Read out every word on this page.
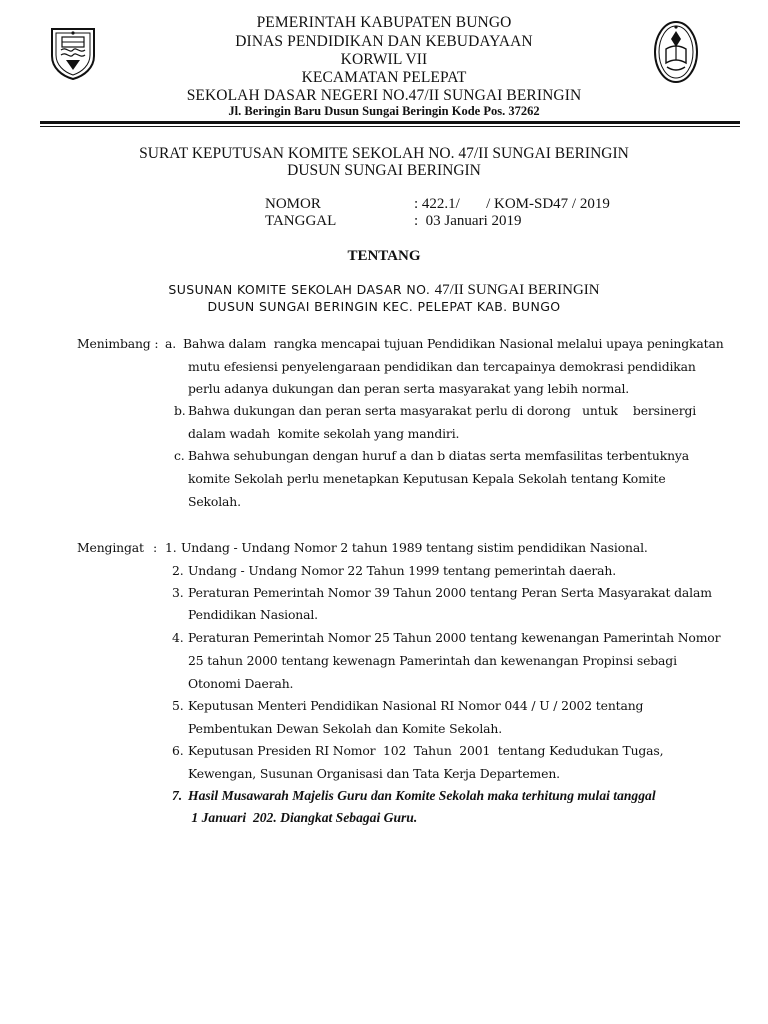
PEMERINTAH KABUPATEN BUNGO
DINAS PENDIDIKAN DAN KEBUDAYAAN
KORWIL VII
KECAMATAN PELEPAT
SEKOLAH DASAR NEGERI NO.47/II SUNGAI BERINGIN
Jl. Beringin Baru Dusun Sungai Beringin Kode Pos. 37262
SURAT KEPUTUSAN KOMITE SEKOLAH NO. 47/II SUNGAI BERINGIN
DUSUN SUNGAI BERINGIN
NOMOR	: 422.1/       / KOM-SD47 / 2019
TANGGAL	:  03 Januari 2019
TENTANG
SUSUNAN KOMITE SEKOLAH DASAR NO. 47/II SUNGAI BERINGIN
DUSUN SUNGAI BERINGIN KEC. PELEPAT KAB. BUNGO
Menimbang : a. Bahwa dalam  rangka mencapai tujuan Pendidikan Nasional melalui upaya peningkatan
mutu efesiensi penyelengaraan pendidikan dan tercapainya demokrasi pendidikan
perlu adanya dukungan dan peran serta masyarakat yang lebih normal.
b. Bahwa dukungan dan peran serta masyarakat perlu di dorong   untuk    bersinergi
dalam wadah  komite sekolah yang mandiri.
c. Bahwa sehubungan dengan huruf a dan b diatas serta memfasilitas terbentuknya
komite Sekolah perlu menetapkan Keputusan Kepala Sekolah tentang Komite
Sekolah.
Mengingat : 1. Undang - Undang Nomor 2 tahun 1989 tentang sistim pendidikan Nasional.
2. Undang - Undang Nomor 22 Tahun 1999 tentang pemerintah daerah.
3. Peraturan Pemerintah Nomor 39 Tahun 2000 tentang Peran Serta Masyarakat dalam
Pendidikan Nasional.
4. Peraturan Pemerintah Nomor 25 Tahun 2000 tentang kewenangan Pamerintah Nomor
25 tahun 2000 tentang kewenagn Pamerintah dan kewenangan Propinsi sebagi
Otonomi Daerah.
5. Keputusan Menteri Pendidikan Nasional RI Nomor 044 / U / 2002 tentang
Pembentukan Dewan Sekolah dan Komite Sekolah.
6. Keputusan Presiden RI Nomor  102  Tahun  2001  tentang Kedudukan Tugas,
Kewengan, Susunan Organisasi dan Tata Kerja Departemen.
7. Hasil Musawarah Majelis Guru dan Komite Sekolah maka terhitung mulai tanggal
1 Januari  202. Diangkat Sebagai Guru.
